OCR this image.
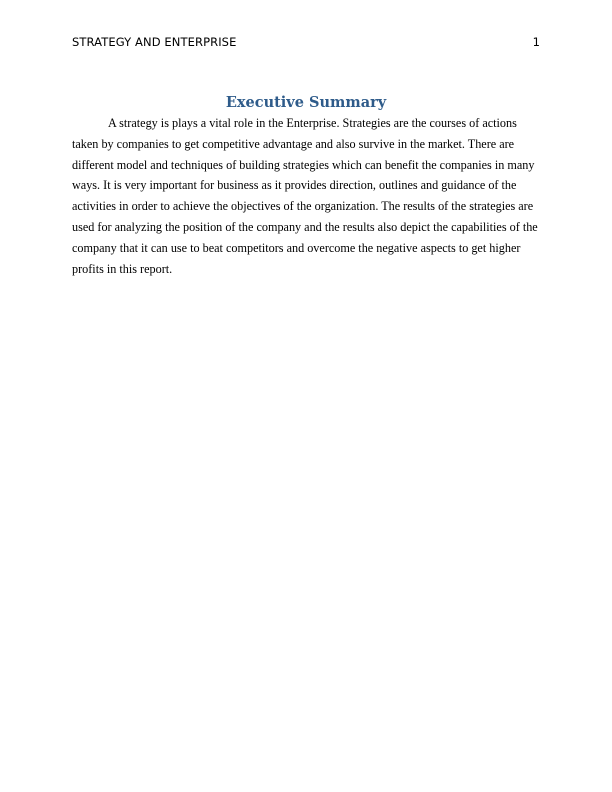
STRATEGY AND ENTERPRISE	1
Executive Summary

A strategy is plays a vital role in the Enterprise. Strategies are the courses of actions taken by companies to get competitive advantage and also survive in the market. There are different model and techniques of building strategies which can benefit the companies in many ways. It is very important for business as it provides direction, outlines and guidance of the activities in order to achieve the objectives of the organization. The results of the strategies are used for analyzing the position of the company and the results also depict the capabilities of the company that it can use to beat competitors and overcome the negative aspects to get higher profits in this report.
